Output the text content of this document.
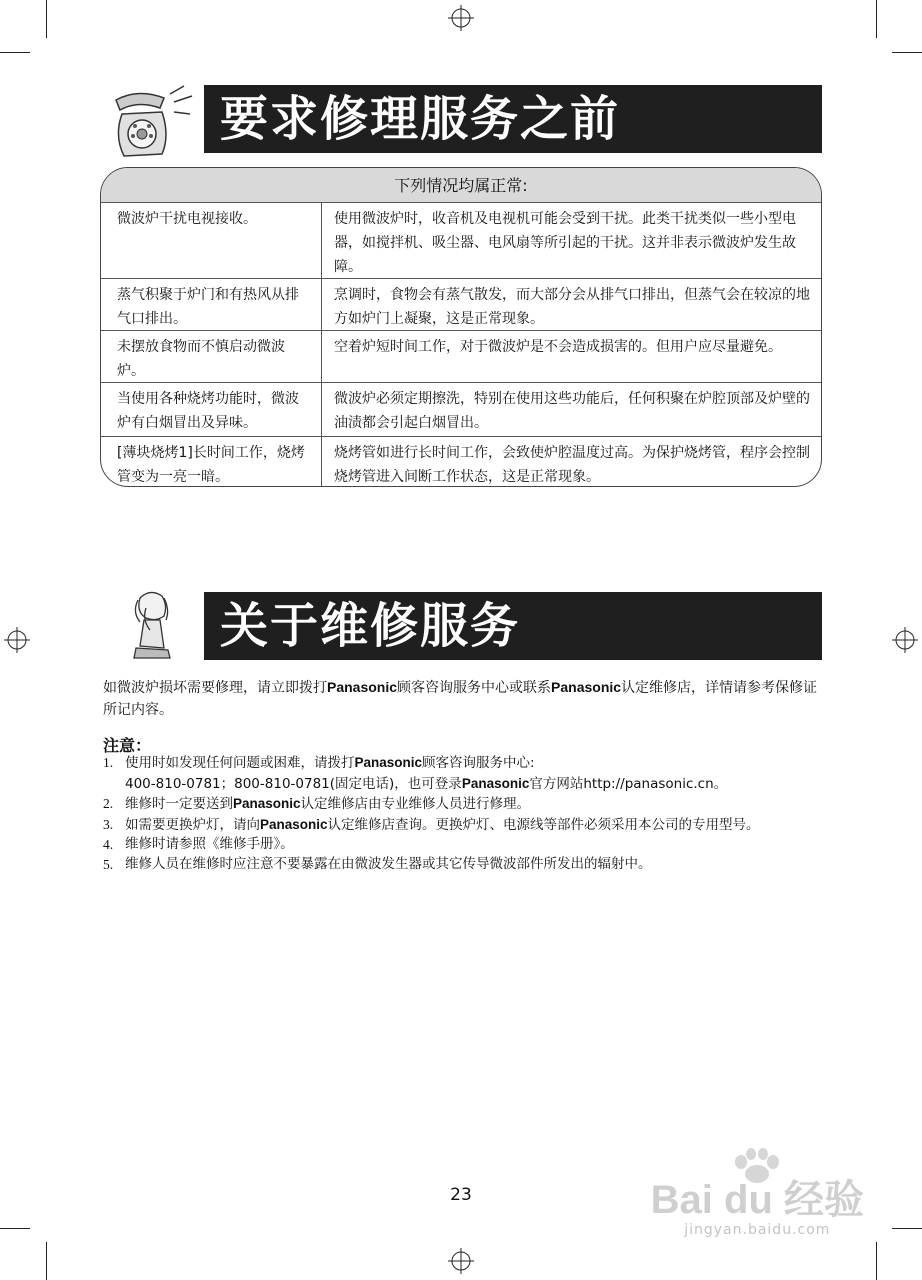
要求修理服务之前
下列情况均属正常:
微波炉干扰电视接收。	使用微波炉时，收音机及电视机可能会受到干扰。此类干扰类似一些小型电器，如搅拌机、吸尘器、电风扇等所引起的干扰。这并非表示微波炉发生故障。
蒸气积聚于炉门和有热风从排气口排出。
烹调时，食物会有蒸气散发，而大部分会从排气口排出，但蒸气会在较凉的地方如炉门上凝聚，这是正常现象。
未摆放食物而不慎启动微波炉。
空着炉短时间工作，对于微波炉是不会造成损害的。但用户应尽量避免。
当使用各种烧烤功能时，微波炉有白烟冒出及异味。
微波炉必须定期擦洗，特别在使用这些功能后，任何积聚在炉腔顶部及炉壁的油渍都会引起白烟冒出。
[薄块烧烤1]长时间工作，烧烤管变为一亮一暗。
烧烤管如进行长时间工作，会致使炉腔温度过高。为保护烧烤管，程序会控制烧烤管进入间断工作状态，这是正常现象。
关于维修服务
如微波炉损坏需要修理，请立即拨打Panasonic顾客咨询服务中心或联系Panasonic认定维修店，详情请参考保修证所记内容。
注意：
1. 使用时如发现任何问题或困难，请拨打Panasonic顾客咨询服务中心:
400-810-0781；800-810-0781(固定电话)，也可登录Panasonic官方网站http://panasonic.cn。
2. 维修时一定要送到Panasonic认定维修店由专业维修人员进行修理。
3. 如需要更换炉灯，请向Panasonic认定维修店查询。更换炉灯、电源线等部件必须采用本公司的专用型号。
4. 维修时请参照《维修手册》。
5. 维修人员在维修时应注意不要暴露在由微波发生器或其它传导微波部件所发出的辐射中。
23	Bai du 经验
jingyan.baidu.com
